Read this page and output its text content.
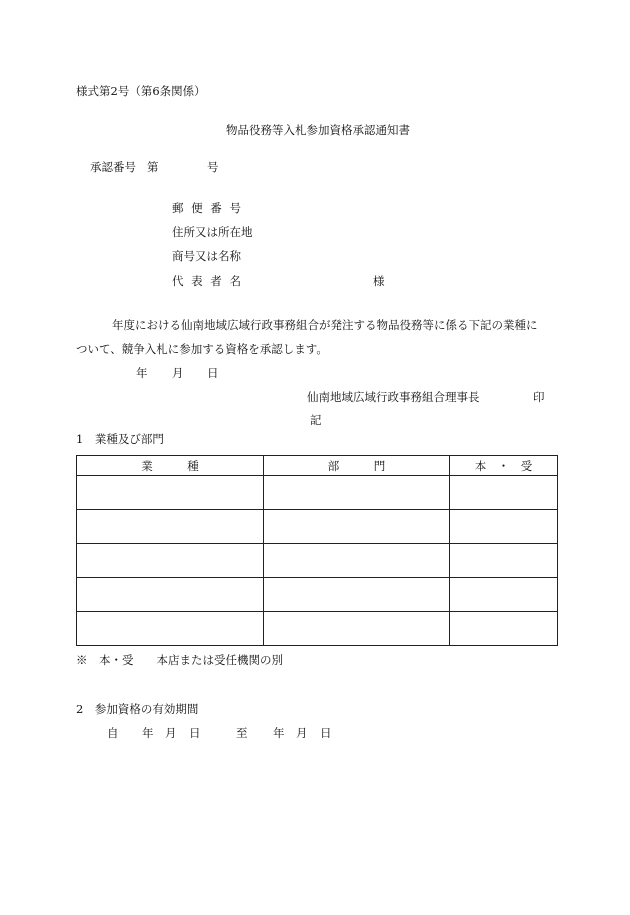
様式第2号（第6条関係）
物品役務等入札参加資格承認通知書
承認番号 第	号
郵 便 番 号
住所又は所在地
商号又は名称
代 表 者 名	様
年度における仙南地域広域行政事務組合が発注する物品役務等に係る下記の業種に
ついて、競争入札に参加する資格を承認します。
年 月 日
仙南地域広域行政事務組合理事長	印
記
1　業種及び部門
業　　　種	部　　　門	本　・　受

※　本・受　　本店または受任機関の別
2　参加資格の有効期間
自 年 月 日	至 年 月 日
